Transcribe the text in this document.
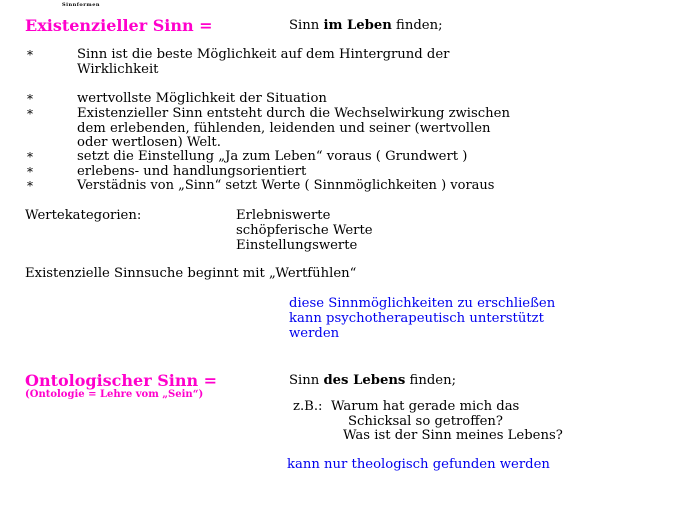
Sinnformen
Existenzieller Sinn =	Sinn im Leben finden;
*	Sinn ist die beste Möglichkeit auf dem Hintergrund der
Wirklichkeit
*	wertvollste Möglichkeit der Situation
*	Existenzieller Sinn entsteht durch die Wechselwirkung zwischen
dem erlebenden, fühlenden, leidenden und seiner (wertvollen
oder wertlosen) Welt.
*	setzt die Einstellung „Ja zum Leben“ voraus ( Grundwert )
*	erlebens- und handlungsorientiert
*	Verstädnis von „Sinn“ setzt Werte ( Sinnmöglichkeiten ) voraus
Wertekategorien:	Erlebniswerte
schöpferische Werte
Einstellungswerte
Existenzielle Sinnsuche beginnt mit „Wertfühlen“
diese Sinnmöglichkeiten zu erschließen
kann psychotherapeutisch unterstützt
werden
Ontologischer Sinn =
(Ontologie = Lehre vom „Sein“)
Sinn des Lebens finden;
z.B.: Warum hat gerade mich das
Schicksal so getroffen?
Was ist der Sinn meines Lebens?
kann nur theologisch gefunden werden
